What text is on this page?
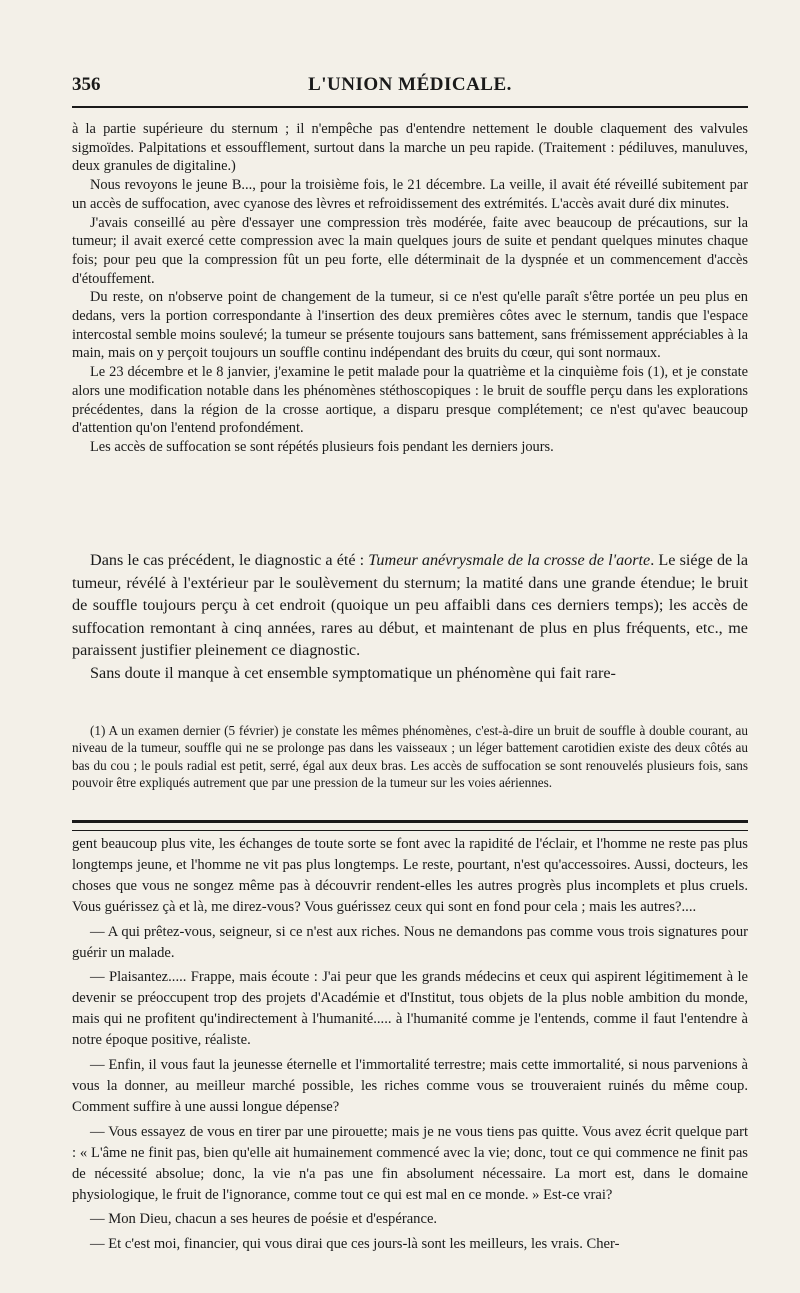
356	L'UNION MÉDICALE.

à la partie supérieure du sternum ; il n'empêche pas d'entendre nettement le double claquement des valvules sigmoïdes. Palpitations et essoufflement, surtout dans la marche un peu rapide. (Traitement : pédiluves, manuluves, deux granules de digitaline.)

Nous revoyons le jeune B..., pour la troisième fois, le 21 décembre. La veille, il avait été réveillé subitement par un accès de suffocation, avec cyanose des lèvres et refroidissement des extrémités. L'accès avait duré dix minutes.

J'avais conseillé au père d'essayer une compression très modérée, faite avec beaucoup de précautions, sur la tumeur; il avait exercé cette compression avec la main quelques jours de suite et pendant quelques minutes chaque fois; pour peu que la compression fût un peu forte, elle déterminait de la dyspnée et un commencement d'accès d'étouffement.

Du reste, on n'observe point de changement de la tumeur, si ce n'est qu'elle paraît s'être portée un peu plus en dedans, vers la portion correspondante à l'insertion des deux premières côtes avec le sternum, tandis que l'espace intercostal semble moins soulevé; la tumeur se présente toujours sans battement, sans frémissement appréciables à la main, mais on y perçoit toujours un souffle continu indépendant des bruits du cœur, qui sont normaux.

Le 23 décembre et le 8 janvier, j'examine le petit malade pour la quatrième et la cinquième fois (1), et je constate alors une modification notable dans les phénomènes stéthoscopiques : le bruit de souffle perçu dans les explorations précédentes, dans la région de la crosse aortique, a disparu presque complétement; ce n'est qu'avec beaucoup d'attention qu'on l'entend profondément.

Les accès de suffocation se sont répétés plusieurs fois pendant les derniers jours.

Dans le cas précédent, le diagnostic a été : Tumeur anévrysmale de la crosse de l'aorte. Le siége de la tumeur, révélé à l'extérieur par le soulèvement du sternum; la matité dans une grande étendue; le bruit de souffle toujours perçu à cet endroit (quoique un peu affaibli dans ces derniers temps); les accès de suffocation remontant à cinq années, rares au début, et maintenant de plus en plus fréquents, etc., me paraissent justifier pleinement ce diagnostic.

Sans doute il manque à cet ensemble symptomatique un phénomène qui fait rare-

(1) A un examen dernier (5 février) je constate les mêmes phénomènes, c'est-à-dire un bruit de souffle à double courant, au niveau de la tumeur, souffle qui ne se prolonge pas dans les vaisseaux ; un léger battement carotidien existe des deux côtés au bas du cou ; le pouls radial est petit, serré, égal aux deux bras. Les accès de suffocation se sont renouvelés plusieurs fois, sans pouvoir être expliqués autrement que par une pression de la tumeur sur les voies aériennes.

gent beaucoup plus vite, les échanges de toute sorte se font avec la rapidité de l'éclair, et l'homme ne reste pas plus longtemps jeune, et l'homme ne vit pas plus longtemps. Le reste, pourtant, n'est qu'accessoires. Aussi, docteurs, les choses que vous ne songez même pas à découvrir rendent-elles les autres progrès plus incomplets et plus cruels. Vous guérissez çà et là, me direz-vous? Vous guérissez ceux qui sont en fond pour cela ; mais les autres?....

— A qui prêtez-vous, seigneur, si ce n'est aux riches. Nous ne demandons pas comme vous trois signatures pour guérir un malade.

— Plaisantez..... Frappe, mais écoute : J'ai peur que les grands médecins et ceux qui aspirent légitimement à le devenir se préoccupent trop des projets d'Académie et d'Institut, tous objets de la plus noble ambition du monde, mais qui ne profitent qu'indirectement à l'humanité..... à l'humanité comme je l'entends, comme il faut l'entendre à notre époque positive, réaliste.

— Enfin, il vous faut la jeunesse éternelle et l'immortalité terrestre; mais cette immortalité, si nous parvenions à vous la donner, au meilleur marché possible, les riches comme vous se trouveraient ruinés du même coup. Comment suffire à une aussi longue dépense?

— Vous essayez de vous en tirer par une pirouette; mais je ne vous tiens pas quitte. Vous avez écrit quelque part : « L'âme ne finit pas, bien qu'elle ait humainement commencé avec la vie; donc, tout ce qui commence ne finit pas de nécessité absolue; donc, la vie n'a pas une fin absolument nécessaire. La mort est, dans le domaine physiologique, le fruit de l'ignorance, comme tout ce qui est mal en ce monde. » Est-ce vrai?

— Mon Dieu, chacun a ses heures de poésie et d'espérance.

— Et c'est moi, financier, qui vous dirai que ces jours-là sont les meilleurs, les vrais. Cher-
